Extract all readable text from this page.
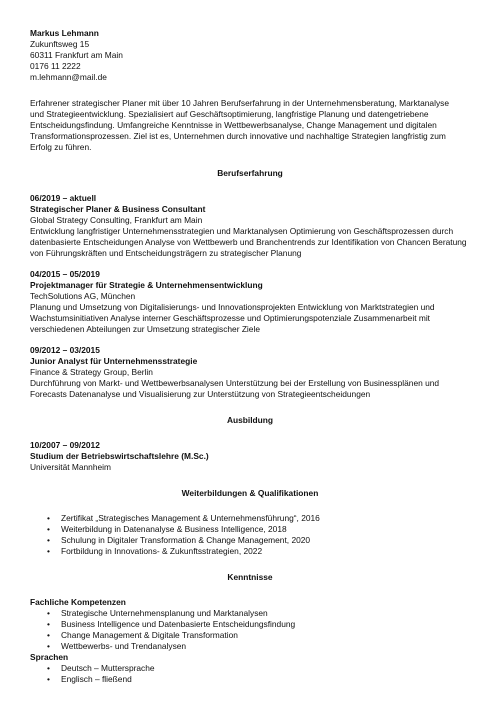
Markus Lehmann
Zukunftsweg 15
60311 Frankfurt am Main
0176 11 2222
m.lehmann@mail.de
Erfahrener strategischer Planer mit über 10 Jahren Berufserfahrung in der Unternehmensberatung, Marktanalyse und Strategieentwicklung. Spezialisiert auf Geschäftsoptimierung, langfristige Planung und datengetriebene Entscheidungsfindung. Umfangreiche Kenntnisse in Wettbewerbsanalyse, Change Management und digitalen Transformationsprozessen. Ziel ist es, Unternehmen durch innovative und nachhaltige Strategien langfristig zum Erfolg zu führen.
Berufserfahrung
06/2019 – aktuell
Strategischer Planer & Business Consultant
Global Strategy Consulting, Frankfurt am Main
Entwicklung langfristiger Unternehmensstrategien und Marktanalysen Optimierung von Geschäftsprozessen durch datenbasierte Entscheidungen Analyse von Wettbewerb und Branchentrends zur Identifikation von Chancen Beratung von Führungskräften und Entscheidungsträgern zu strategischer Planung
04/2015 – 05/2019
Projektmanager für Strategie & Unternehmensentwicklung
TechSolutions AG, München
Planung und Umsetzung von Digitalisierungs- und Innovationsprojekten Entwicklung von Marktstrategien und Wachstumsinitiativen Analyse interner Geschäftsprozesse und Optimierungspotenziale Zusammenarbeit mit verschiedenen Abteilungen zur Umsetzung strategischer Ziele
09/2012 – 03/2015
Junior Analyst für Unternehmensstrategie
Finance & Strategy Group, Berlin
Durchführung von Markt- und Wettbewerbsanalysen Unterstützung bei der Erstellung von Businessplänen und Forecasts Datenanalyse und Visualisierung zur Unterstützung von Strategieentscheidungen
Ausbildung
10/2007 – 09/2012
Studium der Betriebswirtschaftslehre (M.Sc.)
Universität Mannheim
Weiterbildungen & Qualifikationen
• Zertifikat „Strategisches Management & Unternehmensführung“, 2016
• Weiterbildung in Datenanalyse & Business Intelligence, 2018
• Schulung in Digitaler Transformation & Change Management, 2020
• Fortbildung in Innovations- & Zukunftsstrategien, 2022
Kenntnisse
Fachliche Kompetenzen
• Strategische Unternehmensplanung und Marktanalysen
• Business Intelligence und Datenbasierte Entscheidungsfindung
• Change Management & Digitale Transformation
• Wettbewerbs- und Trendanalysen
Sprachen
• Deutsch – Muttersprache
• Englisch – fließend
